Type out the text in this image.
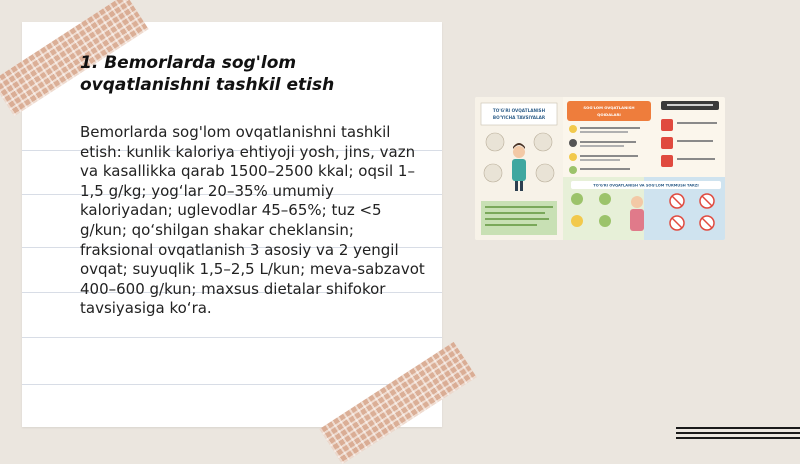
1. Bemorlarda sog'lom ovqatlanishni tashkil etish
Bemorlarda sog'lom ovqatlanishni tashkil etish: kunlik kaloriya ehtiyoji yosh, jins, vazn va kasallikka qarab 1500–2500 kkal; oqsil 1–1,5 g/kg; yog‘lar 20–35% umumiy kaloriyadan; uglevodlar 45–65%; tuz <5 g/kun; qo‘shilgan shakar cheklansin; fraksional ovqatlanish 3 asosiy va 2 yengil ovqat; suyuqlik 1,5–2,5 L/kun; meva-sabzavot 400–600 g/kun; maxsus dietalar shifokor tavsiyasiga ko‘ra.
TO'G'RI OVQATLANISH
BO'YICHA TAVSIYALAR
SOG'LOM OVQATLANISH
QOIDALARI
TO'G'RI OVQATLANISH VA SOG'LOM TURMUSH TARZI
